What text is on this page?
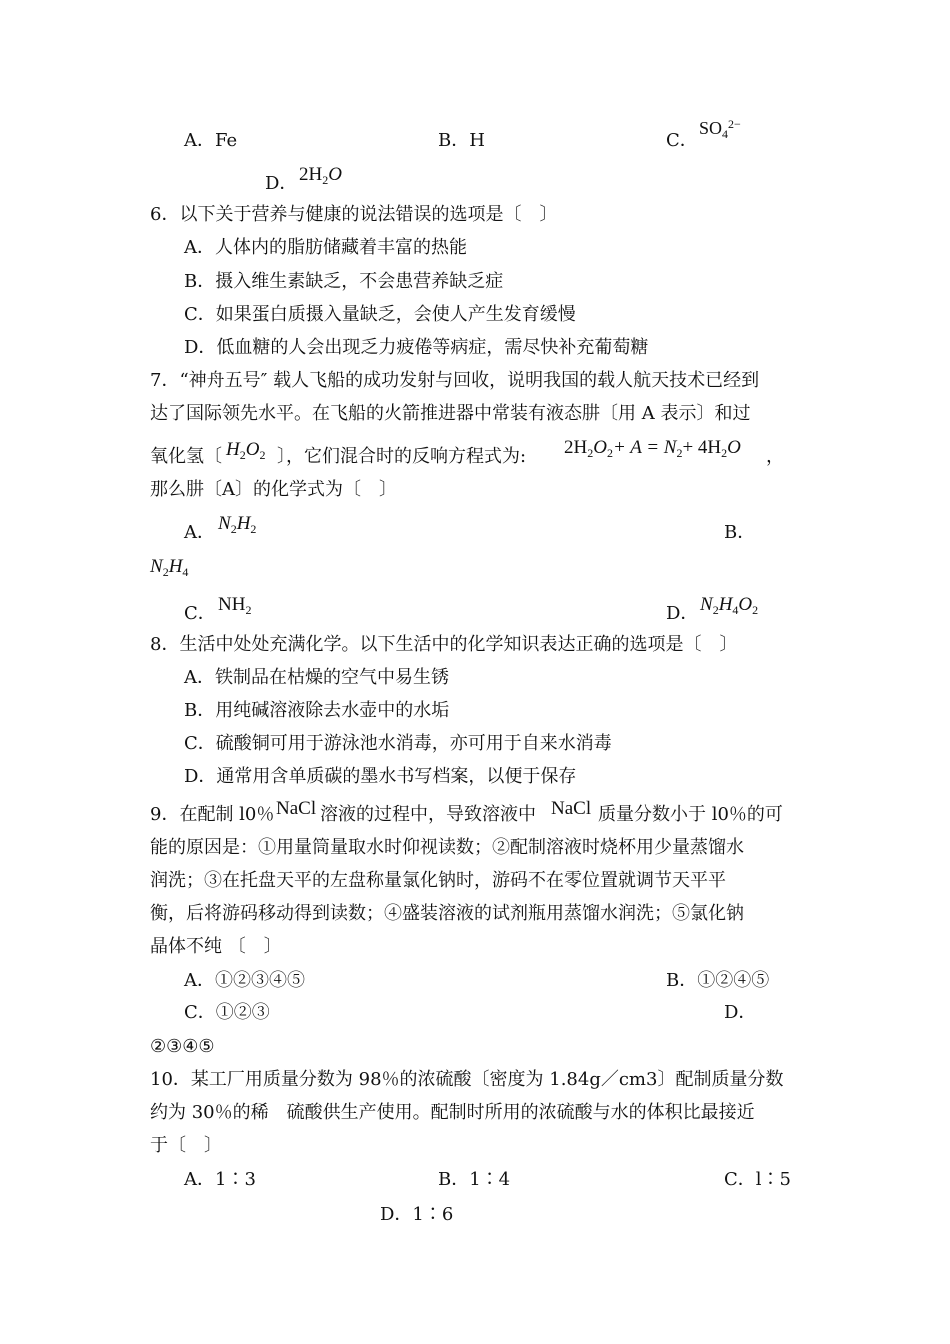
A．Fe	B．H	C．
$SO_4^{2-}$
D． $2H_2O$
6．以下关于营养与健康的说法错误的选项是〔　〕
A．人体内的脂肪储藏着丰富的热能
B．摄入维生素缺乏，不会患营养缺乏症
C．如果蛋白质摄入量缺乏，会使人产生发育缓慢
D．低血糖的人会出现乏力疲倦等病症，需尽快补充葡萄糖
7．“神舟五号″ 载人飞船的成功发射与回收，说明我国的载人航天技术已经到
达了国际领先水平。在飞船的火箭推进器中常装有液态肼〔用 A 表示〕和过
氧化氢〔 $H_2O_2$ 〕，它们混合时的反响方程式为: $2H_2O_2+ A = N_2+ 4H_2O$ ，
那么肼〔A〕的化学式为〔　〕
A． $N_2H_2$	B．
$N_2H_4$
C． $NH_2$	D． $N_2H_4O_2$
8．生活中处处充满化学。以下生活中的化学知识表达正确的选项是〔　〕
A．铁制品在枯燥的空气中易生锈
B．用纯碱溶液除去水壶中的水垢
C．硫酸铜可用于游泳池水消毒，亦可用于自来水消毒
D．通常用含单质碳的墨水书写档案，以便于保存
9．在配制 l0％ NaCl 溶液的过程中，导致溶液中 NaCl 质量分数小于 l0％的可
能的原因是：①用量筒量取水时仰视读数；②配制溶液时烧杯用少量蒸馏水
润洗；③在托盘天平的左盘称量氯化钠时，游码不在零位置就调节天平平
衡，后将游码移动得到读数；④盛装溶液的试剂瓶用蒸馏水润洗；⑤氯化钠
晶体不纯 〔　〕
A．①②③④⑤	B．①②④⑤
C．①②③	D．
②③④⑤
10．某工厂用质量分数为 98％的浓硫酸〔密度为 1.84g／cm3〕配制质量分数
约为 30％的稀　硫酸供生产使用。配制时所用的浓硫酸与水的体积比最接近
于〔　〕
A．1∶3	B．1∶4	C．l∶5
D．1∶6
